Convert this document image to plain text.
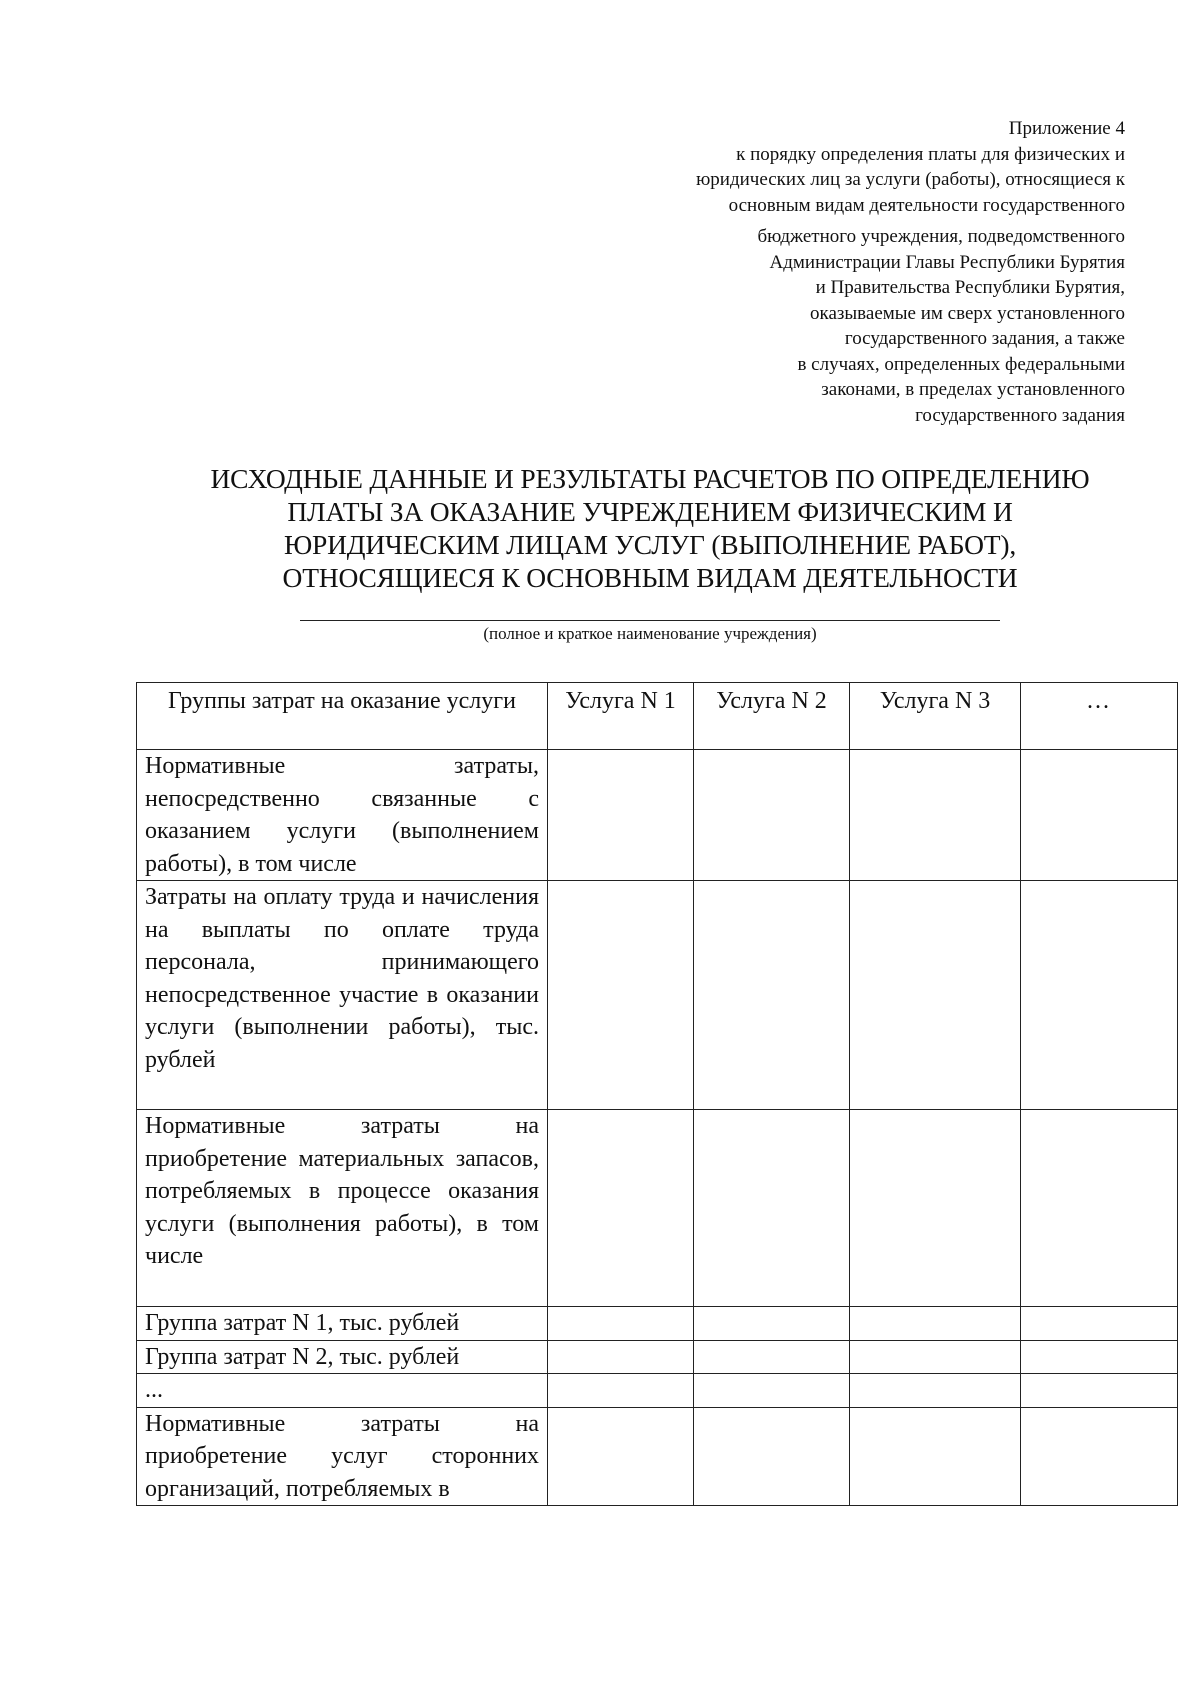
Приложение 4
к порядку определения платы для физических и
юридических лиц за услуги (работы), относящиеся к
основным видам деятельности государственного
бюджетного учреждения, подведомственного
Администрации Главы Республики Бурятия
и Правительства Республики Бурятия,
оказываемые им сверх установленного
государственного задания, а также
в случаях, определенных федеральными
законами, в пределах установленного
государственного задания
ИСХОДНЫЕ ДАННЫЕ И РЕЗУЛЬТАТЫ РАСЧЕТОВ ПО ОПРЕДЕЛЕНИЮ
ПЛАТЫ ЗА ОКАЗАНИЕ УЧРЕЖДЕНИЕМ ФИЗИЧЕСКИМ И
ЮРИДИЧЕСКИМ ЛИЦАМ УСЛУГ (ВЫПОЛНЕНИЕ РАБОТ),
ОТНОСЯЩИЕСЯ К ОСНОВНЫМ ВИДАМ ДЕЯТЕЛЬНОСТИ
(полное и краткое наименование учреждения)
Группы затрат на оказание услуги	Услуга N 1	Услуга N 2	Услуга N 3	...
Нормативные затраты, непосредственно связанные с оказанием услуги (выполнением работы), в том числе				
Затраты на оплату труда и начисления на выплаты по оплате труда персонала, принимающего непосредственное участие в оказании услуги (выполнении работы), тыс. рублей				
Нормативные затраты на приобретение материальных запасов, потребляемых в процессе оказания услуги (выполнения работы), в том числе				
Группа затрат N 1, тыс. рублей				
Группа затрат N 2, тыс. рублей				
...				
Нормативные затраты на приобретение услуг сторонних организаций, потребляемых в				
